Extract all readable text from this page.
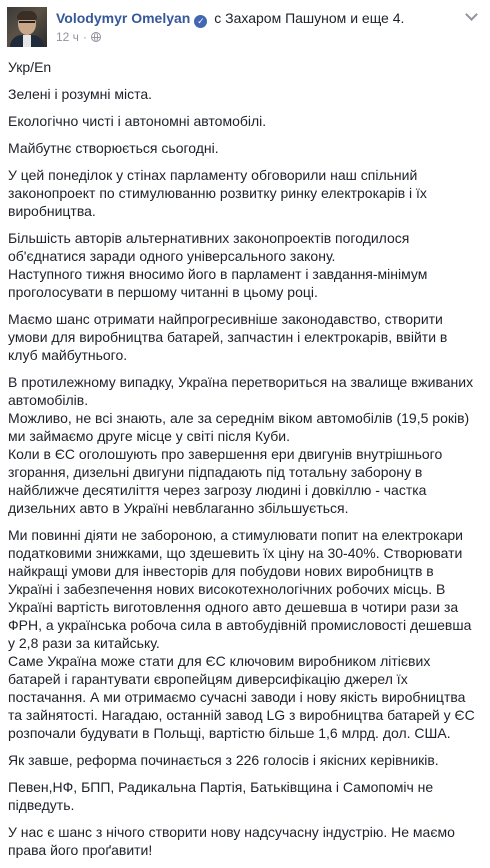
Volodymyr Omelyan ✓ с Захаром Пашуном и еще 4.
12 ч ·

Укр/En

Зелені і розумні міста.

Екологічно чисті і автономні автомобілі.

Майбутнє створюється сьогодні.

У цей понеділок у стінах парламенту обговорили наш спільний законопроект по стимулюванню розвитку ринку електрокарів і їх виробництва.

Більшість авторів альтернативних законопроектів погодилося об'єднатися заради одного універсального закону.
Наступного тижня вносимо його в парламент і завдання-мінімум проголосувати в першому читанні в цьому році.

Маємо шанс отримати найпрогресивніше законодавство, створити умови для виробництва батарей, запчастин і електрокарів, ввійти в клуб майбутнього.

В протилежному випадку, Україна перетвориться на звалище вживаних автомобілів.
Можливо, не всі знають, але за середнім віком автомобілів (19,5 років) ми займаємо друге місце у світі після Куби.
Коли в ЄС оголошують про завершення ери двигунів внутрішнього згорання, дизельні двигуни підпадають під тотальну заборону в найближче десятиліття через загрозу людині і довкіллю - частка дизельних авто в Україні невблаганно збільшується.

Ми повинні діяти не забороною, а стимулювати попит на електрокари податковими знижками, що здешевить їх ціну на 30-40%. Створювати найкращі умови для інвесторів для побудови нових виробництв в Україні і забезпечення нових високотехнологічних робочих місць. В Україні вартість виготовлення одного авто дешевша в чотири рази за ФРН, а українська робоча сила в автобудівній промисловості дешевша у 2,8 рази за китайську.
Саме Україна може стати для ЄС ключовим виробником літієвих батарей і гарантувати європейцям диверсифікацію джерел їх постачання. А ми отримаємо сучасні заводи і нову якість виробництва та зайнятості. Нагадаю, останній завод LG з виробництва батарей у ЄС розпочали будувати в Польщі, вартістю більше 1,6 млрд. дол. США.

Як завше, реформа починається з 226 голосів і якісних керівників.

Певен,НФ, БПП, Радикальна Партія, Батьківщина і Самопоміч не підведуть.

У нас є шанс з нічого створити нову надсучасну індустрію. Не маємо права його проґавити!
